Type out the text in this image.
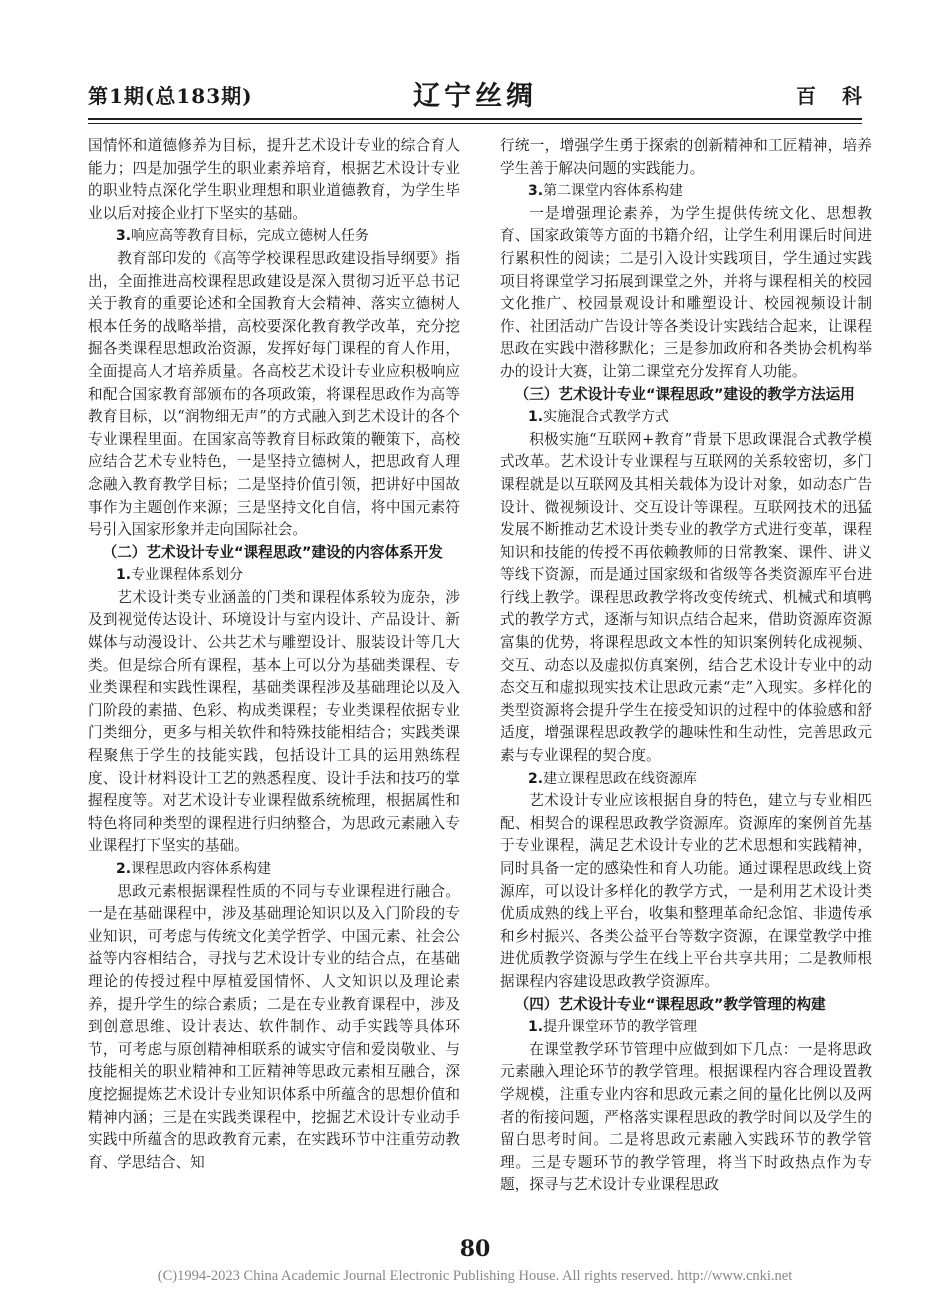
第1期(总183期)	辽宁丝绸	百科

国情怀和道德修养为目标，提升艺术设计专业的综合育人能力；四是加强学生的职业素养培育，根据艺术设计专业的职业特点深化学生职业理想和职业道德教育，为学生毕业以后对接企业打下坚实的基础。

3.响应高等教育目标，完成立德树人任务

教育部印发的《高等学校课程思政建设指导纲要》指出，全面推进高校课程思政建设是深入贯彻习近平总书记关于教育的重要论述和全国教育大会精神、落实立德树人根本任务的战略举措，高校要深化教育教学改革，充分挖掘各类课程思想政治资源，发挥好每门课程的育人作用，全面提高人才培养质量。各高校艺术设计专业应积极响应和配合国家教育部颁布的各项政策，将课程思政作为高等教育目标，以“润物细无声”的方式融入到艺术设计的各个专业课程里面。在国家高等教育目标政策的鞭策下，高校应结合艺术专业特色，一是坚持立德树人，把思政育人理念融入教育教学目标；二是坚持价值引领，把讲好中国故事作为主题创作来源；三是坚持文化自信，将中国元素符号引入国家形象并走向国际社会。

（二）艺术设计专业“课程思政”建设的内容体系开发
1.专业课程体系划分

艺术设计类专业涵盖的门类和课程体系较为庞杂，涉及到视觉传达设计、环境设计与室内设计、产品设计、新媒体与动漫设计、公共艺术与雕塑设计、服装设计等几大类。但是综合所有课程，基本上可以分为基础类课程、专业类课程和实践性课程，基础类课程涉及基础理论以及入门阶段的素描、色彩、构成类课程；专业类课程依据专业门类细分，更多与相关软件和特殊技能相结合；实践类课程聚焦于学生的技能实践，包括设计工具的运用熟练程度、设计材料设计工艺的熟悉程度、设计手法和技巧的掌握程度等。对艺术设计专业课程做系统梳理，根据属性和特色将同种类型的课程进行归纳整合，为思政元素融入专业课程打下坚实的基础。

2.课程思政内容体系构建

思政元素根据课程性质的不同与专业课程进行融合。一是在基础课程中，涉及基础理论知识以及入门阶段的专业知识，可考虑与传统文化美学哲学、中国元素、社会公益等内容相结合，寻找与艺术设计专业的结合点，在基础理论的传授过程中厚植爱国情怀、人文知识以及理论素养，提升学生的综合素质；二是在专业教育课程中，涉及到创意思维、设计表达、软件制作、动手实践等具体环节，可考虑与原创精神相联系的诚实守信和爱岗敬业、与技能相关的职业精神和工匠精神等思政元素相互融合，深度挖掘提炼艺术设计专业知识体系中所蕴含的思想价值和精神内涵；三是在实践类课程中，挖掘艺术设计专业动手实践中所蕴含的思政教育元素，在实践环节中注重劳动教育、学思结合、知

行统一，增强学生勇于探索的创新精神和工匠精神，培养学生善于解决问题的实践能力。

3.第二课堂内容体系构建

一是增强理论素养，为学生提供传统文化、思想教育、国家政策等方面的书籍介绍，让学生利用课后时间进行累积性的阅读；二是引入设计实践项目，学生通过实践项目将课堂学习拓展到课堂之外，并将与课程相关的校园文化推广、校园景观设计和雕塑设计、校园视频设计制作、社团活动广告设计等各类设计实践结合起来，让课程思政在实践中潜移默化；三是参加政府和各类协会机构举办的设计大赛，让第二课堂充分发挥育人功能。

（三）艺术设计专业“课程思政”建设的教学方法运用
1.实施混合式教学方式

积极实施“互联网+教育”背景下思政课混合式教学模式改革。艺术设计专业课程与互联网的关系较密切，多门课程就是以互联网及其相关载体为设计对象，如动态广告设计、微视频设计、交互设计等课程。互联网技术的迅猛发展不断推动艺术设计类专业的教学方式进行变革，课程知识和技能的传授不再依赖教师的日常教案、课件、讲义等线下资源，而是通过国家级和省级等各类资源库平台进行线上教学。课程思政教学将改变传统式、机械式和填鸭式的教学方式，逐渐与知识点结合起来，借助资源库资源富集的优势，将课程思政文本性的知识案例转化成视频、交互、动态以及虚拟仿真案例，结合艺术设计专业中的动态交互和虚拟现实技术让思政元素“走”入现实。多样化的类型资源将会提升学生在接受知识的过程中的体验感和舒适度，增强课程思政教学的趣味性和生动性，完善思政元素与专业课程的契合度。

2.建立课程思政在线资源库

艺术设计专业应该根据自身的特色，建立与专业相匹配、相契合的课程思政教学资源库。资源库的案例首先基于专业课程，满足艺术设计专业的艺术思想和实践精神，同时具备一定的感染性和育人功能。通过课程思政线上资源库，可以设计多样化的教学方式，一是利用艺术设计类优质成熟的线上平台，收集和整理革命纪念馆、非遗传承和乡村振兴、各类公益平台等数字资源，在课堂教学中推进优质教学资源与学生在线上平台共享共用；二是教师根据课程内容建设思政教学资源库。

（四）艺术设计专业“课程思政”教学管理的构建
1.提升课堂环节的教学管理

在课堂教学环节管理中应做到如下几点：一是将思政元素融入理论环节的教学管理。根据课程内容合理设置教学规模，注重专业内容和思政元素之间的量化比例以及两者的衔接问题，严格落实课程思政的教学时间以及学生的留白思考时间。二是将思政元素融入实践环节的教学管理。三是专题环节的教学管理，将当下时政热点作为专题，探寻与艺术设计专业课程思政

80
(C)1994-2023 China Academic Journal Electronic Publishing House. All rights reserved. http://www.cnki.net
